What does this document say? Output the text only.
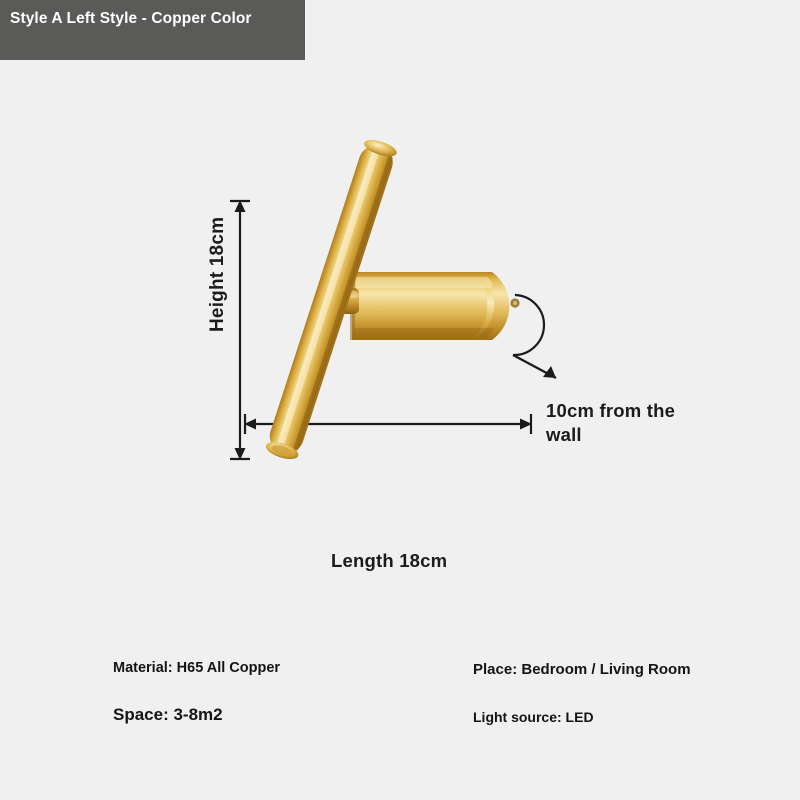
Style A Left Style - Copper Color
Height 18cm
Length 18cm
10cm from the wall
Material: H65 All Copper
Space: 3-8m2
Place: Bedroom / Living Room
Light source: LED
